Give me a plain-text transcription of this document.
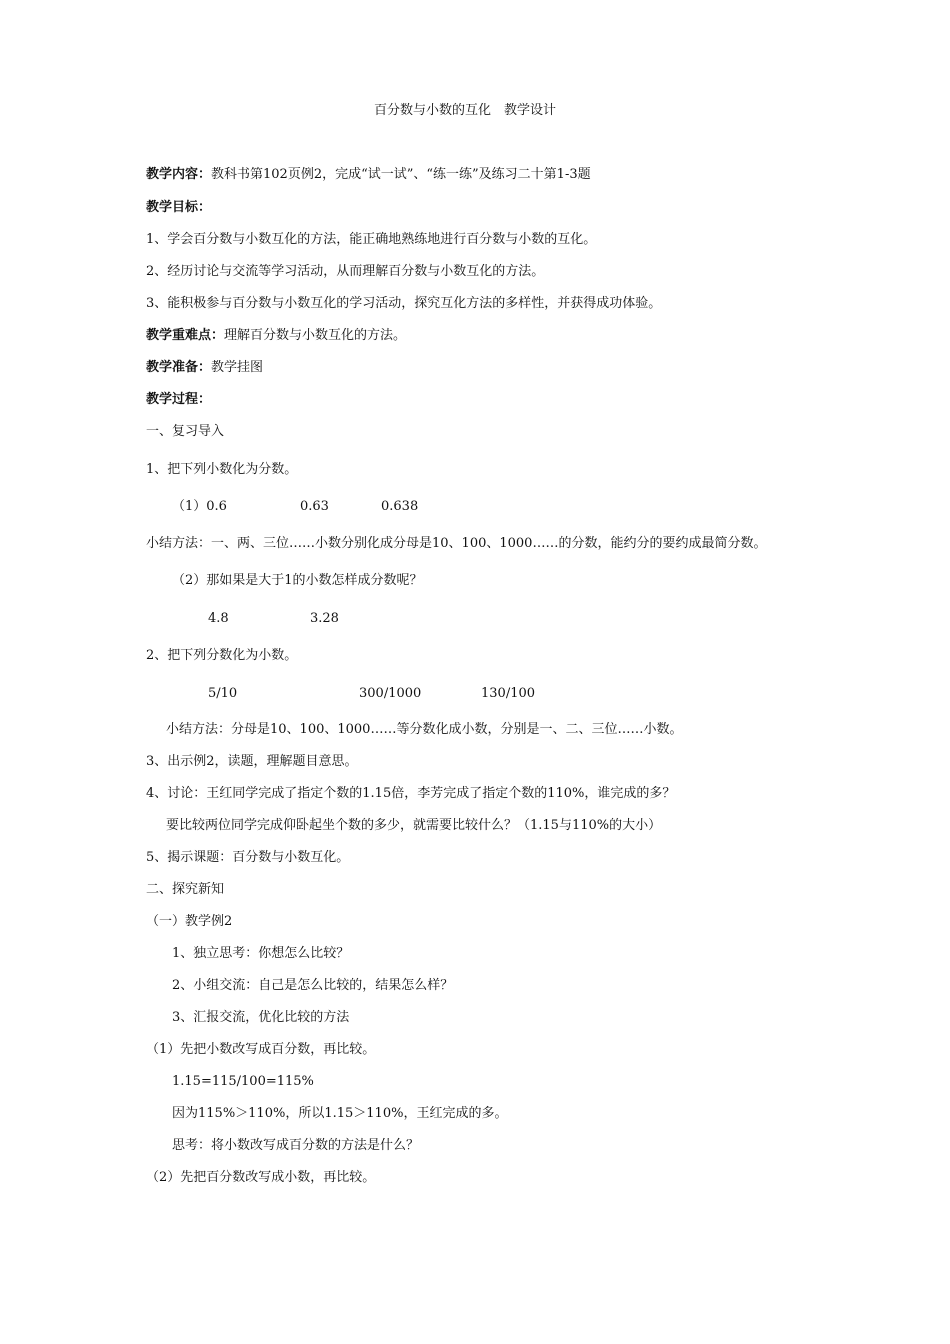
百分数与小数的互化　教学设计
教学内容：教科书第102页例2，完成“试一试”、“练一练”及练习二十第1-3题
教学目标：
1、学会百分数与小数互化的方法，能正确地熟练地进行百分数与小数的互化。
2、经历讨论与交流等学习活动，从而理解百分数与小数互化的方法。
3、能积极参与百分数与小数互化的学习活动，探究互化方法的多样性，并获得成功体验。
教学重难点：理解百分数与小数互化的方法。
教学准备：教学挂图
教学过程：
一、复习导入
1、把下列小数化为分数。
（1）0.6	0.63	0.638
小结方法：一、两、三位……小数分别化成分母是10、100、1000……的分数，能约分的要约成最简分数。
（2）那如果是大于1的小数怎样成分数呢？
4.8	3.28
2、把下列分数化为小数。
5/10	300/1000	130/100
小结方法：分母是10、100、1000……等分数化成小数，分别是一、二、三位……小数。
3、出示例2，读题，理解题目意思。
4、讨论：王红同学完成了指定个数的1.15倍，李芳完成了指定个数的110%，谁完成的多？
要比较两位同学完成仰卧起坐个数的多少，就需要比较什么？（1.15与110%的大小）
5、揭示课题：百分数与小数互化。
二、探究新知
（一）教学例2
1、独立思考：你想怎么比较？
2、小组交流：自己是怎么比较的，结果怎么样？
3、汇报交流，优化比较的方法
（1）先把小数改写成百分数，再比较。
1.15=115/100=115%
因为115%＞110%，所以1.15＞110%，王红完成的多。
思考：将小数改写成百分数的方法是什么？
（2）先把百分数改写成小数，再比较。
